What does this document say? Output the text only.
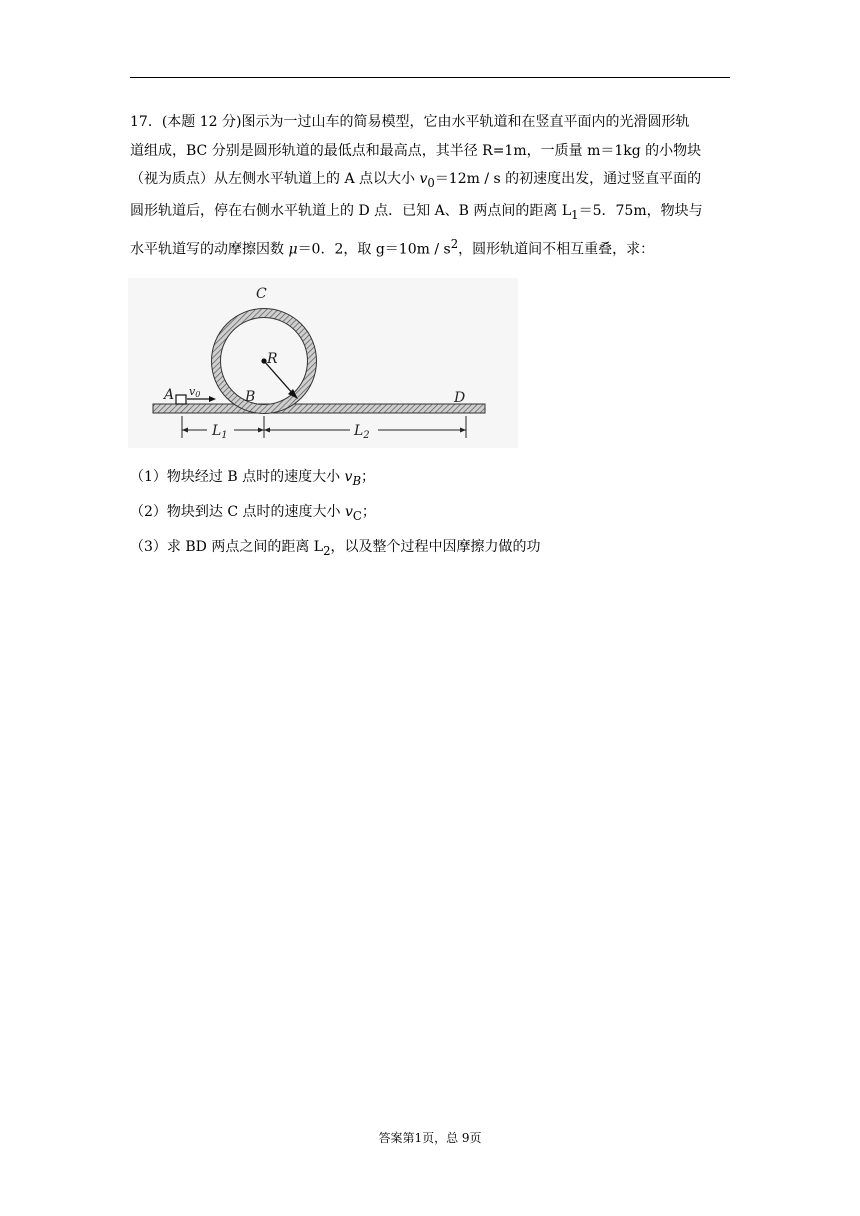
17．(本题 12 分)图示为一过山车的简易模型，它由水平轨道和在竖直平面内的光滑圆形轨

道组成，BC 分别是圆形轨道的最低点和最高点，其半径 R=1m，一质量 m＝1kg 的小物块

（视为质点）从左侧水平轨道上的 A 点以大小 $v_0=12m / s$ 的初速度出发，通过竖直平面的

圆形轨道后，停在右侧水平轨道上的 D 点．已知 A、B 两点间的距离 $L_1=5$．75m，物块与

水平轨道写的动摩擦因数 μ＝0．2，取 $g=10m / s^2$，圆形轨道间不相互重叠，求：

A v0	B
C
D
R
$L_1$	$L_2$
（1）物块经过 B 点时的速度大小 $v_B$；
（2）物块到达 C 点时的速度大小 $v_C$；
（3）求 BD 两点之间的距离 $L_2$，以及整个过程中因摩擦力做的功
答案第1页，总 9页
